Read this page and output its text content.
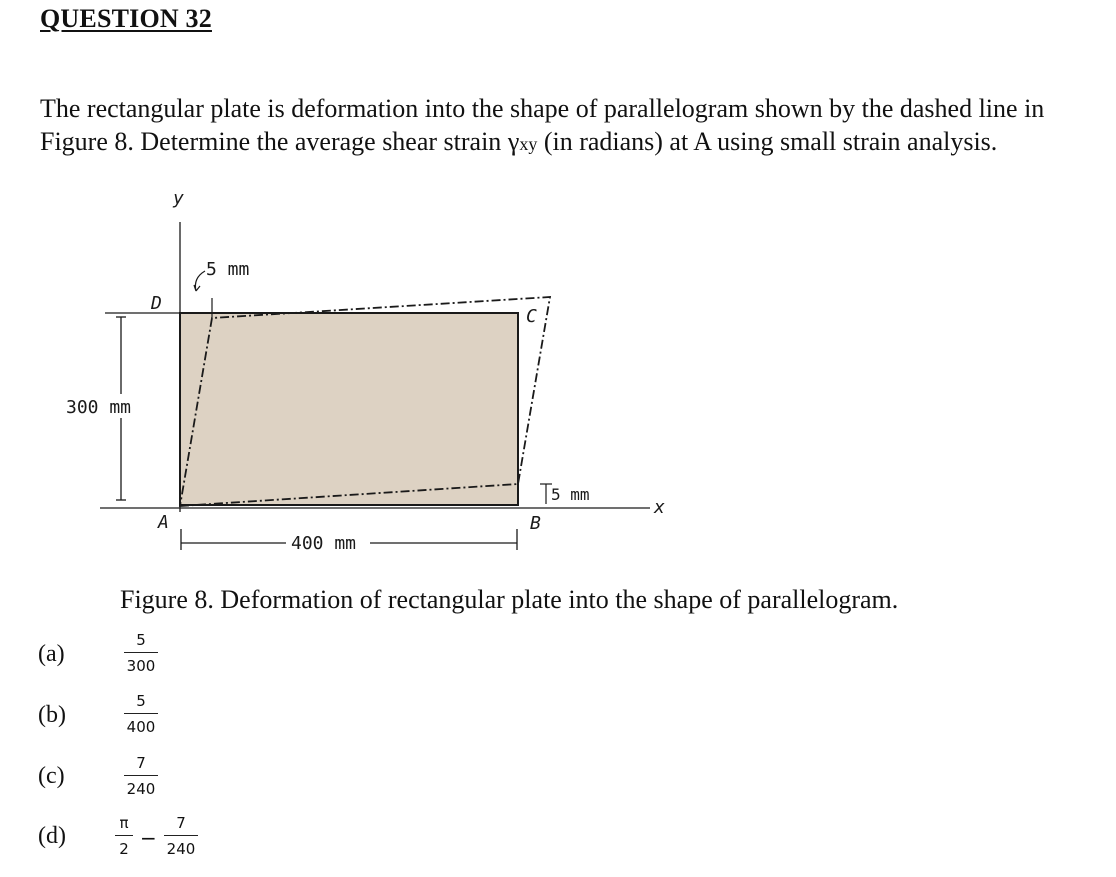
QUESTION 32
The rectangular plate is deformation into the shape of parallelogram shown by the dashed line in Figure 8. Determine the average shear strain γxy (in radians) at A using small strain analysis.
300 mm
400 mm
5 mm
5 mm
D
C
A	B
y
x
Figure 8. Deformation of rectangular plate into the shape of parallelogram.
(a)
5
300
(b)
5
400
(c)	7
240
(d)	π
2 −
7
240
